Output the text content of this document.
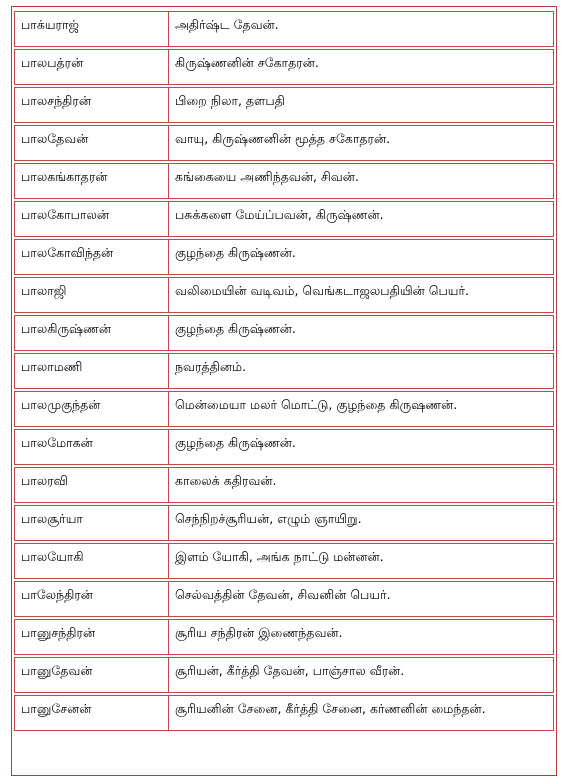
பாக்யராஜ்	அதிர்ஷ்ட தேவன்.
பாலபத்ரன்	கிருஷ்ணனின் சகோதரன்.
பாலசந்திரன்	பிறை நிலா, தளபதி
பாலதேவன்	வாயு, கிருஷ்ணனின் மூத்த சகோதரன்.
பாலகங்காதரன்	கங்கையை அணிந்தவன், சிவன்.
பாலகோபாலன்	பசுக்களை மேய்ப்பவன், கிருஷ்ணன்.
பாலகோவிந்தன்	குழந்தை கிருஷ்ணன்.
பாலாஜி	வலிமையின் வடிவம், வெங்கடாஜலபதியின் பெயர்.
பாலகிருஷ்ணன்	குழந்தை கிருஷ்ணன்.
பாலாமணி	நவரத்தினம்.
பாலமுகுந்தன்	மென்மையா மலர் மொட்டு, குழந்தை கிருஷணன்.
பாலமோகன்	குழந்தை கிருஷ்ணன்.
பாலரவி	காலைக் கதிரவன்.
பாலசூர்யா	செந்நிறச்சூரியன், எழும் ஞாயிறு.
பாலயோகி	இளம் யோகி, அங்க நாட்டு மன்னன்.
பாலேந்திரன்	செல்வத்தின் தேவன், சிவனின் பெயர்.
பானுசந்திரன்	சூரிய சந்திரன் இணைந்தவன்.
பானுதேவன்	சூரியன், கீர்த்தி தேவன், பாஞ்சால வீரன்.
பானுசேனன்	சூரியனின் சேனை, கீர்த்தி சேனை, கர்ணனின் மைந்தன்.
